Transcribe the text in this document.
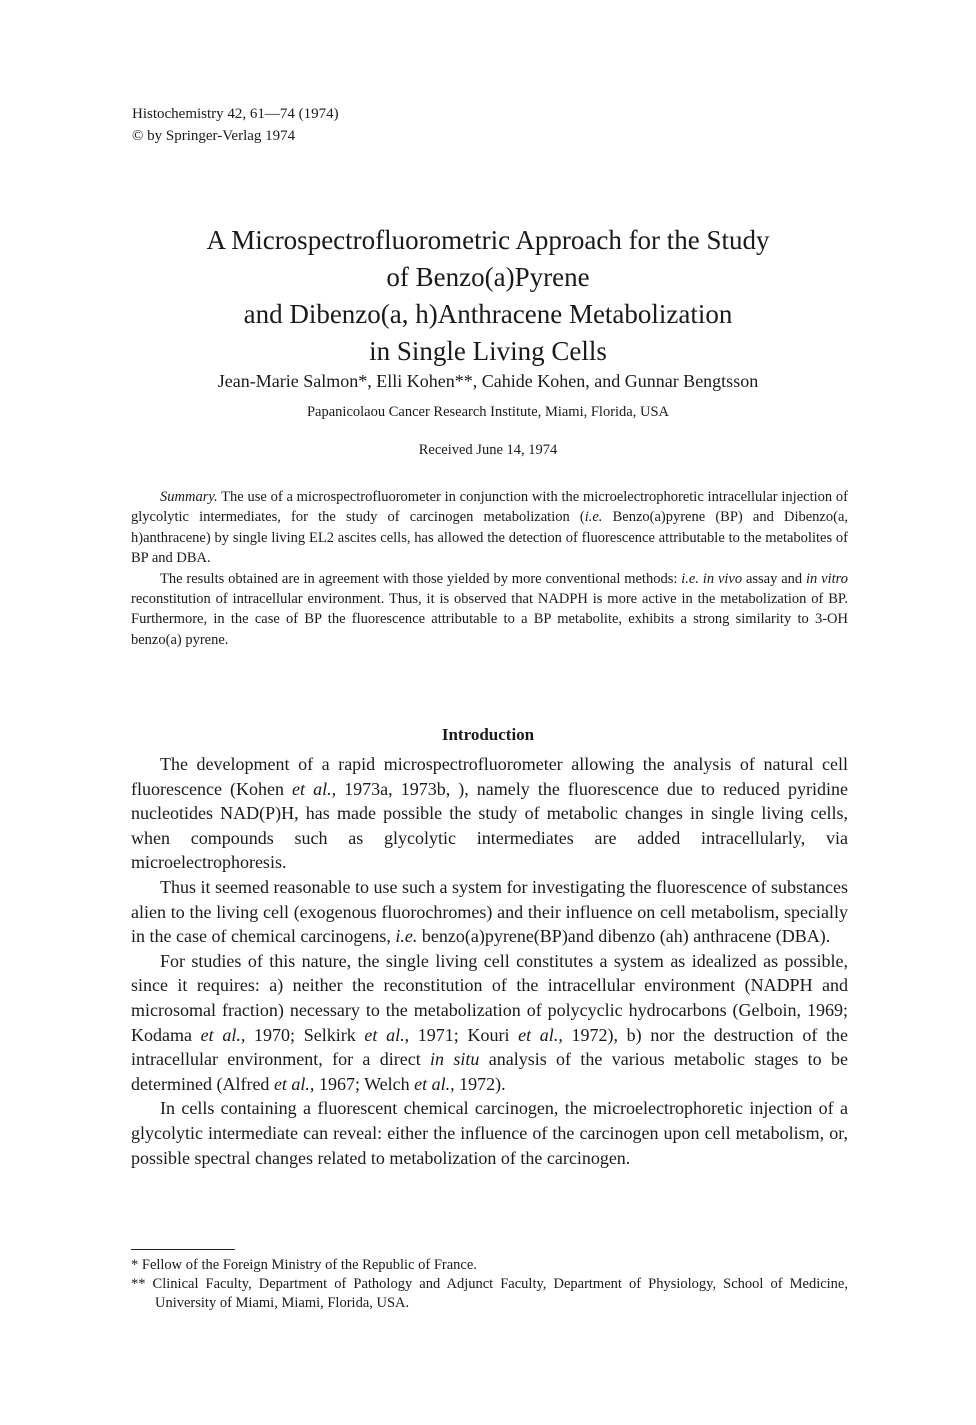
Histochemistry 42, 61—74 (1974)
© by Springer-Verlag 1974
A Microspectrofluorometric Approach for the Study
of Benzo(a)Pyrene
and Dibenzo(a, h)Anthracene Metabolization
in Single Living Cells
Jean-Marie Salmon*, Elli Kohen**, Cahide Kohen, and Gunnar Bengtsson
Papanicolaou Cancer Research Institute, Miami, Florida, USA
Received June 14, 1974

Summary. The use of a microspectrofluorometer in conjunction with the microelectrophoretic intracellular injection of glycolytic intermediates, for the study of carcinogen metabolization (i.e. Benzo(a)pyrene (BP) and Dibenzo(a, h)anthracene) by single living EL2 ascites cells, has allowed the detection of fluorescence attributable to the metabolites of BP and DBA.

The results obtained are in agreement with those yielded by more conventional methods: i.e. in vivo assay and in vitro reconstitution of intracellular environment. Thus, it is observed that NADPH is more active in the metabolization of BP. Furthermore, in the case of BP the fluorescence attributable to a BP metabolite, exhibits a strong similarity to 3-OH benzo(a) pyrene.

Introduction

The development of a rapid microspectrofluorometer allowing the analysis of natural cell fluorescence (Kohen et al., 1973a, 1973b, ), namely the fluorescence due to reduced pyridine nucleotides NAD(P)H, has made possible the study of metabolic changes in single living cells, when compounds such as glycolytic intermediates are added intracellularly, via microelectrophoresis.

Thus it seemed reasonable to use such a system for investigating the fluorescence of substances alien to the living cell (exogenous fluorochromes) and their influence on cell metabolism, specially in the case of chemical carcinogens, i.e. benzo(a)pyrene(BP)and dibenzo (ah) anthracene (DBA).

For studies of this nature, the single living cell constitutes a system as idealized as possible, since it requires: a) neither the reconstitution of the intracellular environment (NADPH and microsomal fraction) necessary to the metabolization of polycyclic hydrocarbons (Gelboin, 1969; Kodama et al., 1970; Selkirk et al., 1971; Kouri et al., 1972), b) nor the destruction of the intracellular environment, for a direct in situ analysis of the various metabolic stages to be determined (Alfred et al., 1967; Welch et al., 1972).

In cells containing a fluorescent chemical carcinogen, the microelectrophoretic injection of a glycolytic intermediate can reveal: either the influence of the carcinogen upon cell metabolism, or, possible spectral changes related to metabolization of the carcinogen.

* Fellow of the Foreign Ministry of the Republic of France.

** Clinical Faculty, Department of Pathology and Adjunct Faculty, Department of Physiology, School of Medicine, University of Miami, Miami, Florida, USA.
